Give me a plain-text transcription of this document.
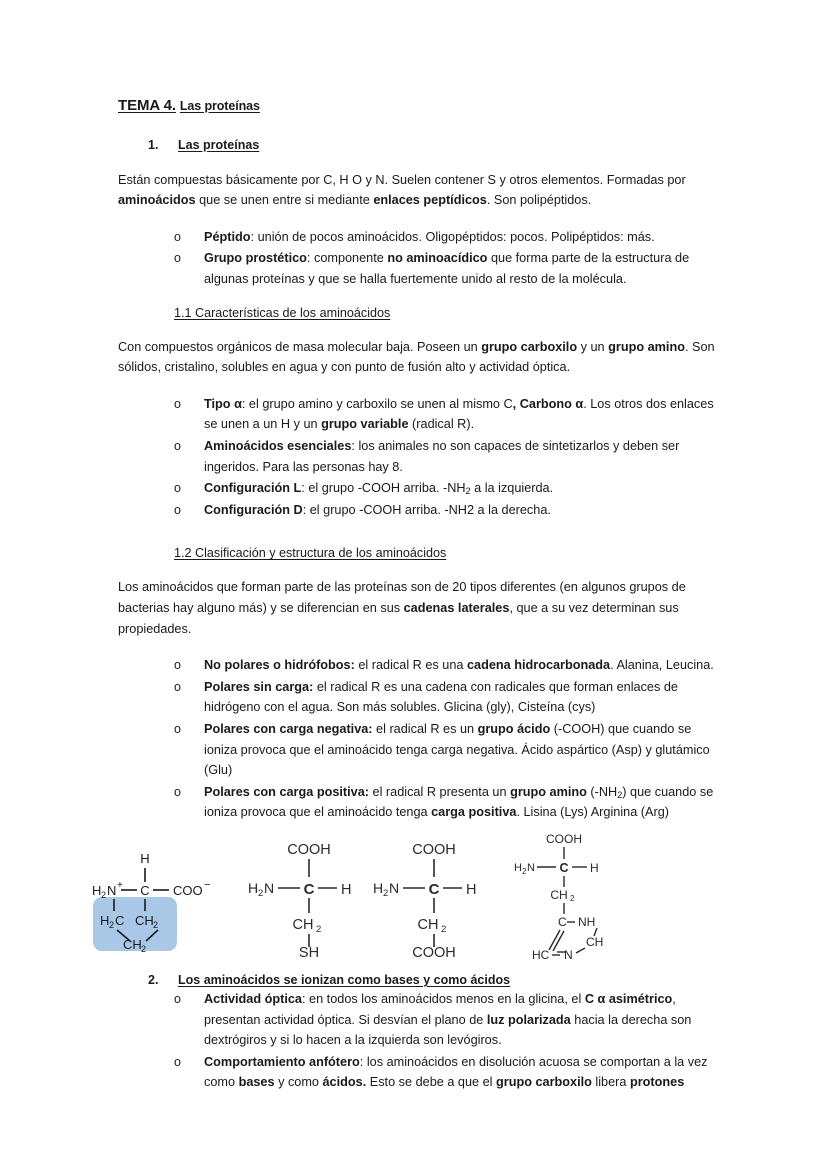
TEMA 4. Las proteínas
1.	Las proteínas

Están compuestas básicamente por C, H O y N. Suelen contener S y otros elementos. Formadas por aminoácidos que se unen entre si mediante enlaces peptídicos. Son polipéptidos.

o	Péptido: unión de pocos aminoácidos. Oligopéptidos: pocos. Polipéptidos: más.
o	Grupo prostético: componente no aminoacídico que forma parte de la estructura de algunas proteínas y que se halla fuertemente unido al resto de la molécula.
1.1 Características de los aminoácidos

Con compuestos orgánicos de masa molecular baja. Poseen un grupo carboxilo y un grupo amino. Son sólidos, cristalino, solubles en agua y con punto de fusión alto y actividad óptica.

o	Tipo α: el grupo amino y carboxilo se unen al mismo C, Carbono α. Los otros dos enlaces se unen a un H y un grupo variable (radical R).
o	Aminoácidos esenciales: los animales no son capaces de sintetizarlos y deben ser ingeridos. Para las personas hay 8.
o	Configuración L: el grupo -COOH arriba. $-NH_2$ a la izquierda.
o	Configuración D: el grupo -COOH arriba. -NH2 a la derecha.
1.2 Clasificación y estructura de los aminoácidos

Los aminoácidos que forman parte de las proteínas son de 20 tipos diferentes (en algunos grupos de bacterias hay alguno más) y se diferencian en sus cadenas laterales, que a su vez determinan sus propiedades.

o	No polares o hidrófobos: el radical R es una cadena hidrocarbonada. Alanina, Leucina.
o	Polares sin carga: el radical R es una cadena con radicales que forman enlaces de hidrógeno con el agua. Son más solubles. Glicina (gly), Cisteína (cys)
o	Polares con carga negativa: el radical R es un grupo ácido (-COOH) que cuando se ioniza provoca que el aminoácido tenga carga negativa. Ácido aspártico (Asp) y glutámico (Glu)
o	Polares con carga positiva: el radical R presenta un grupo amino $(-NH_2)$ que cuando se ioniza provoca que el aminoácido tenga carga positiva. Lisina (Lys) Arginina (Arg)
H
H 2 N + C COO −
H 2 C CH 2
CH 2
COOH
H 2 N C H
CH 2
SH
COOH
H 2 N C H
CH 2
COOH
COOH
H 2 N C H
CH 2
C NH
CH
N
HC
2.	Los aminoácidos se ionizan como bases y como ácidos
o	Actividad óptica: en todos los aminoácidos menos en la glicina, el C α asimétrico, presentan actividad óptica. Si desvían el plano de luz polarizada hacia la derecha son dextrógiros y si lo hacen a la izquierda son levógiros.
o	Comportamiento anfótero: los aminoácidos en disolución acuosa se comportan a la vez como bases y como ácidos. Esto se debe a que el grupo carboxilo libera protones
